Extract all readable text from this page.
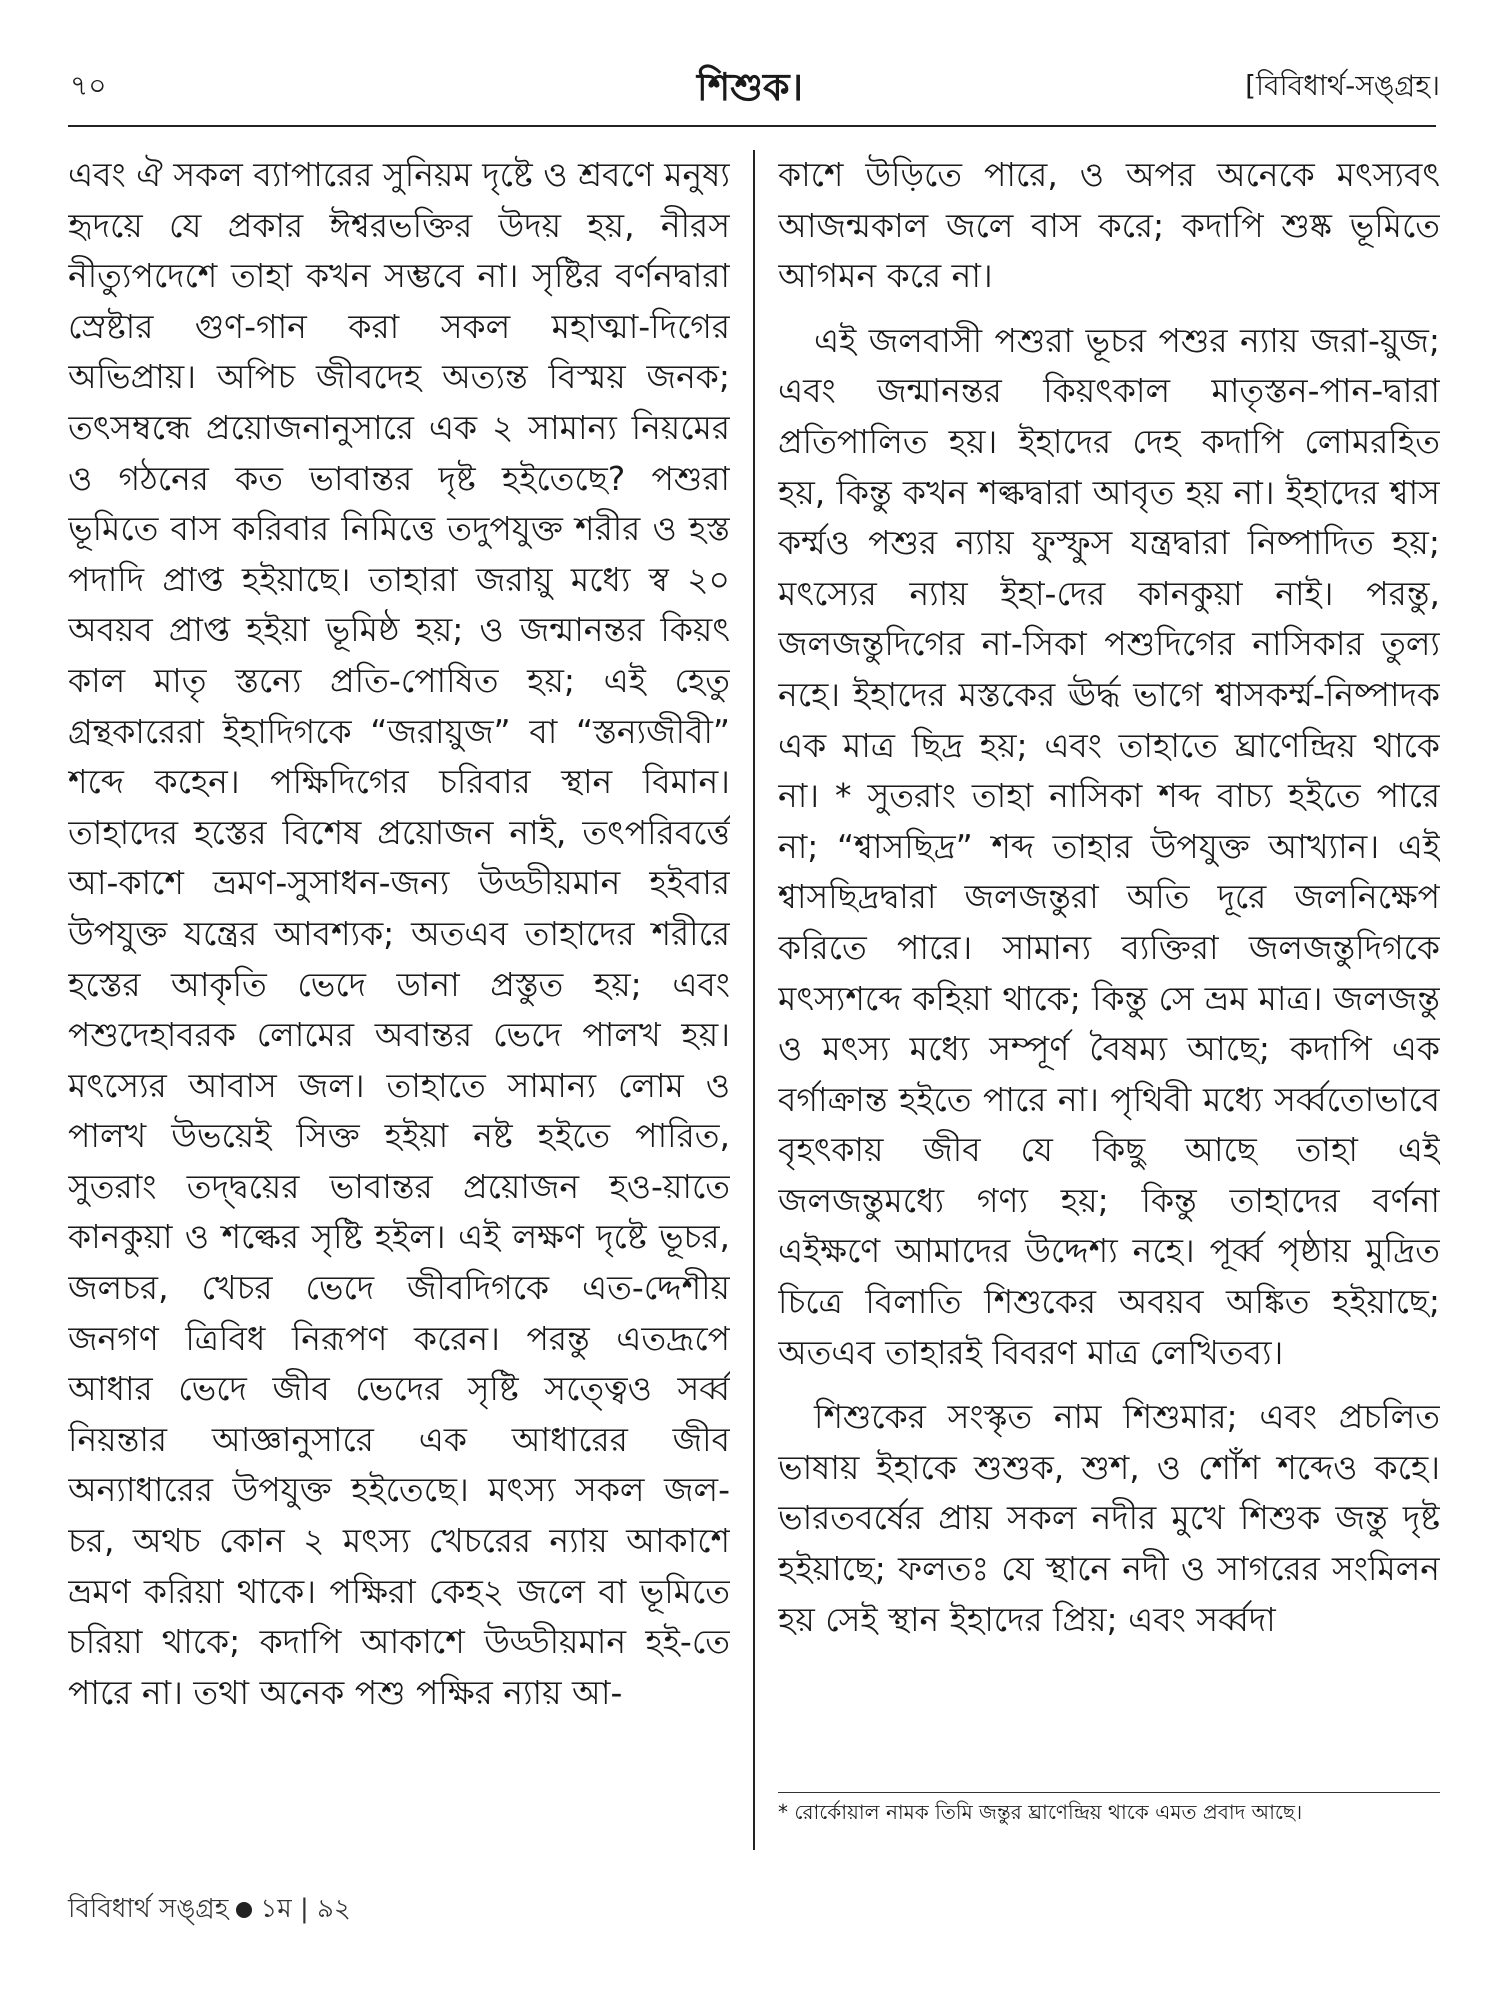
৭০	শিশুক।	[বিবিধার্থ-সঙ্গ্রহ।

এবং ঐ সকল ব্যাপারের সুনিয়ম দৃষ্টে ও শ্রবণে মনুষ্য হৃদয়ে যে প্রকার ঈশ্বরভক্তির উদয় হয়, নীরস নীত্যুপদেশে তাহা কখন সম্ভবে না। সৃষ্টির বর্ণনদ্বারা স্রেষ্টার গুণ-গান করা সকল মহাত্মা-দিগের অভিপ্রায়। অপিচ জীবদেহ অত্যন্ত বিস্ময় জনক; তৎসম্বন্ধে প্রয়োজনানুসারে এক ২ সামান্য নিয়মের ও গঠনের কত ভাবান্তর দৃষ্ট হইতেছে? পশুরা ভূমিতে বাস করিবার নিমিত্তে তদুপযুক্ত শরীর ও হস্ত পদাদি প্রাপ্ত হইয়াছে। তাহারা জরায়ু মধ্যে স্ব ২০ অবয়ব প্রাপ্ত হইয়া ভূমিষ্ঠ হয়; ও জন্মানন্তর কিয়ৎ কাল মাতৃ স্তন্যে প্রতি-পোষিত হয়; এই হেতু গ্রন্থকারেরা ইহাদিগকে “জরায়ুজ” বা “স্তন্যজীবী” শব্দে কহেন। পক্ষিদিগের চরিবার স্থান বিমান। তাহাদের হস্তের বিশেষ প্রয়োজন নাই, তৎপরিবর্ত্তে আ-কাশে ভ্রমণ-সুসাধন-জন্য উড্ডীয়মান হইবার উপযুক্ত যন্ত্রের আবশ্যক; অতএব তাহাদের শরীরে হস্তের আকৃতি ভেদে ডানা প্রস্তুত হয়; এবং পশুদেহাবরক লোমের অবান্তর ভেদে পালখ হয়। মৎস্যের আবাস জল। তাহাতে সামান্য লোম ও পালখ উভয়েই সিক্ত হইয়া নষ্ট হইতে পারিত, সুতরাং তদ্দ্বয়ের ভাবান্তর প্রয়োজন হও-য়াতে কানকুয়া ও শল্কের সৃষ্টি হইল। এই লক্ষণ দৃষ্টে ভূচর, জলচর, খেচর ভেদে জীবদিগকে এত-দ্দেশীয় জনগণ ত্রিবিধ নিরূপণ করেন। পরন্তু এতদ্রূপে আধার ভেদে জীব ভেদের সৃষ্টি সত্ত্বেও সর্ব্ব নিয়ন্তার আজ্ঞানুসারে এক আধারের জীব অন্যাধারের উপযুক্ত হইতেছে। মৎস্য সকল জল-চর, অথচ কোন ২ মৎস্য খেচরের ন্যায় আকাশে ভ্রমণ করিয়া থাকে। পক্ষিরা কেহ২ জলে বা ভূমিতে চরিয়া থাকে; কদাপি আকাশে উড্ডীয়মান হই-তে পারে না। তথা অনেক পশু পক্ষির ন্যায় আ-

কাশে উড়িতে পারে, ও অপর অনেকে মৎস্যবৎ আজন্মকাল জলে বাস করে; কদাপি শুষ্ক ভূমিতে আগমন করে না।

এই জলবাসী পশুরা ভূচর পশুর ন্যায় জরা-য়ুজ; এবং জন্মানন্তর কিয়ৎকাল মাতৃস্তন-পান-দ্বারা প্রতিপালিত হয়। ইহাদের দেহ কদাপি লোমরহিত হয়, কিন্তু কখন শল্কদ্বারা আবৃত হয় না। ইহাদের শ্বাস কর্ম্মও পশুর ন্যায় ফুস্ফুস যন্ত্রদ্বারা নিষ্পাদিত হয়; মৎস্যের ন্যায় ইহা-দের কানকুয়া নাই। পরন্তু, জলজন্তুদিগের না-সিকা পশুদিগের নাসিকার তুল্য নহে। ইহাদের মস্তকের ঊর্দ্ধ ভাগে শ্বাসকর্ম্ম-নিষ্পাদক এক মাত্র ছিদ্র হয়; এবং তাহাতে ঘ্রাণেন্দ্রিয় থাকে না। * সুতরাং তাহা নাসিকা শব্দ বাচ্য হইতে পারে না; “শ্বাসছিদ্র” শব্দ তাহার উপযুক্ত আখ্যান। এই শ্বাসছিদ্রদ্বারা জলজন্তুরা অতি দূরে জলনিক্ষেপ করিতে পারে। সামান্য ব্যক্তিরা জলজন্তুদিগকে মৎস্যশব্দে কহিয়া থাকে; কিন্তু সে ভ্রম মাত্র। জলজন্তু ও মৎস্য মধ্যে সম্পূর্ণ বৈষম্য আছে; কদাপি এক বর্গাক্রান্ত হইতে পারে না। পৃথিবী মধ্যে সর্ব্বতোভাবে বৃহৎকায় জীব যে কিছু আছে তাহা এই জলজন্তুমধ্যে গণ্য হয়; কিন্তু তাহাদের বর্ণনা এইক্ষণে আমাদের উদ্দেশ্য নহে। পূর্ব্ব পৃষ্ঠায় মুদ্রিত চিত্রে বিলাতি শিশুকের অবয়ব অঙ্কিত হইয়াছে; অতএব তাহারই বিবরণ মাত্র লেখিতব্য।

শিশুকের সংস্কৃত নাম শিশুমার; এবং প্রচলিত ভাষায় ইহাকে শুশুক, শুশ, ও শোঁশ শব্দেও কহে। ভারতবর্ষের প্রায় সকল নদীর মুখে শিশুক জন্তু দৃষ্ট হইয়াছে; ফলতঃ যে স্থানে নদী ও সাগরের সংমিলন হয় সেই স্থান ইহাদের প্রিয়; এবং সর্ব্বদা

* রোর্কোয়াল নামক তিমি জন্তুর ঘ্রাণেন্দ্রিয় থাকে এমত প্রবাদ আছে।
বিবিধার্থ সঙ্গ্রহ ১ম | ৯২
